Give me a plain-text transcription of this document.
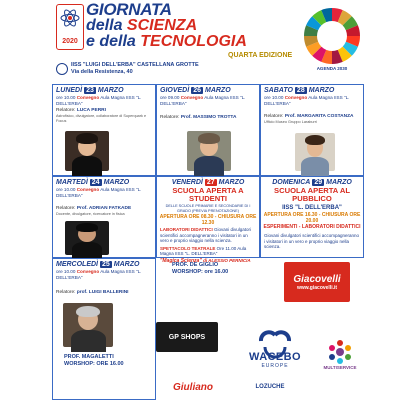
2020
GIORNATA
della SCIENZA
e della TECNOLOGIA
QUARTA EDIZIONE
IISS "LUIGI DELL'ERBA" CASTELLANA GROTTE
Via della Resistenza, 40
AGENDA 2030
LUNEDÌ 23 MARZO
ore 10.00 Convegno Aula Magna IISS "L. DELL'ERBA"
Relatore: LUCA PERRI
Astrofisico, divulgatore, collaboratore di Superquark e Focus
GIOVEDÌ 26 MARZO
ore 09.00 Convegno Aula Magna IISS "L. DELL'ERBA"
Relatore: Prof. MASSIMO TROTTA
SABATO 28 MARZO
ore 10.00 Convegno Aula Magna IISS "L. DELL'ERBA"
Relatore: Prof. MARGARITA COSTANZA
Ufficio Museo Gruppo Laraburri
MARTEDÌ 24 MARZO
ore 10.00 Convegno Aula Magna IISS "L. DELL'ERBA"
Relatore: Prof. ADRIAN FATKADE
Docente, divulgatore, ricercatore in fisica
VENERDÌ 27 MARZO
SCUOLA APERTA A STUDENTI
DELLE SCUOLE PRIMARIE E SECONDARIE DI I GRADO (PREVIA PRENOTAZIONE)
APERTURA ORE 08.30 - CHIUSURA ORE 12.30
LABORATORI DIDATTICI Giovani divulgatori scientifici accompagneranno i visitatori in un vero e proprio viaggio nella scienza.
SPETTACOLO TEATRALE Ore 11.00 Aula Magna IISS "L. DELL'ERBA"
"Magica Scienza" di ALESSIO PERNICIA
DOMENICA 29 MARZO
SCUOLA APERTA AL PUBBLICO
IISS "L. DELL'ERBA"
APERTURA ORE 16.30 - CHIUSURA ORE 20.00
ESPERIMENTI - LABORATORI DIDATTICI
Giovani divulgatori scientifici accompagneranno i visitatori in un vero e proprio viaggio nella scienza.
MERCOLEDÌ 25 MARZO
ore 10.00 Convegno Aula Magna IISS "L. DELL'ERBA"
Relatore: prof. LUIGI BALLERINI
PROF. DE GIGLIO
WORSHOP: ore 16.00
PROF. MAGALETTI
WORSHOP: ORE 16.00
Giacovelli
www.giacovelli.it
GP SHOPS
WACEBO
EUROPE	MULTISERVICE
Giuliano	LOZUCHE
